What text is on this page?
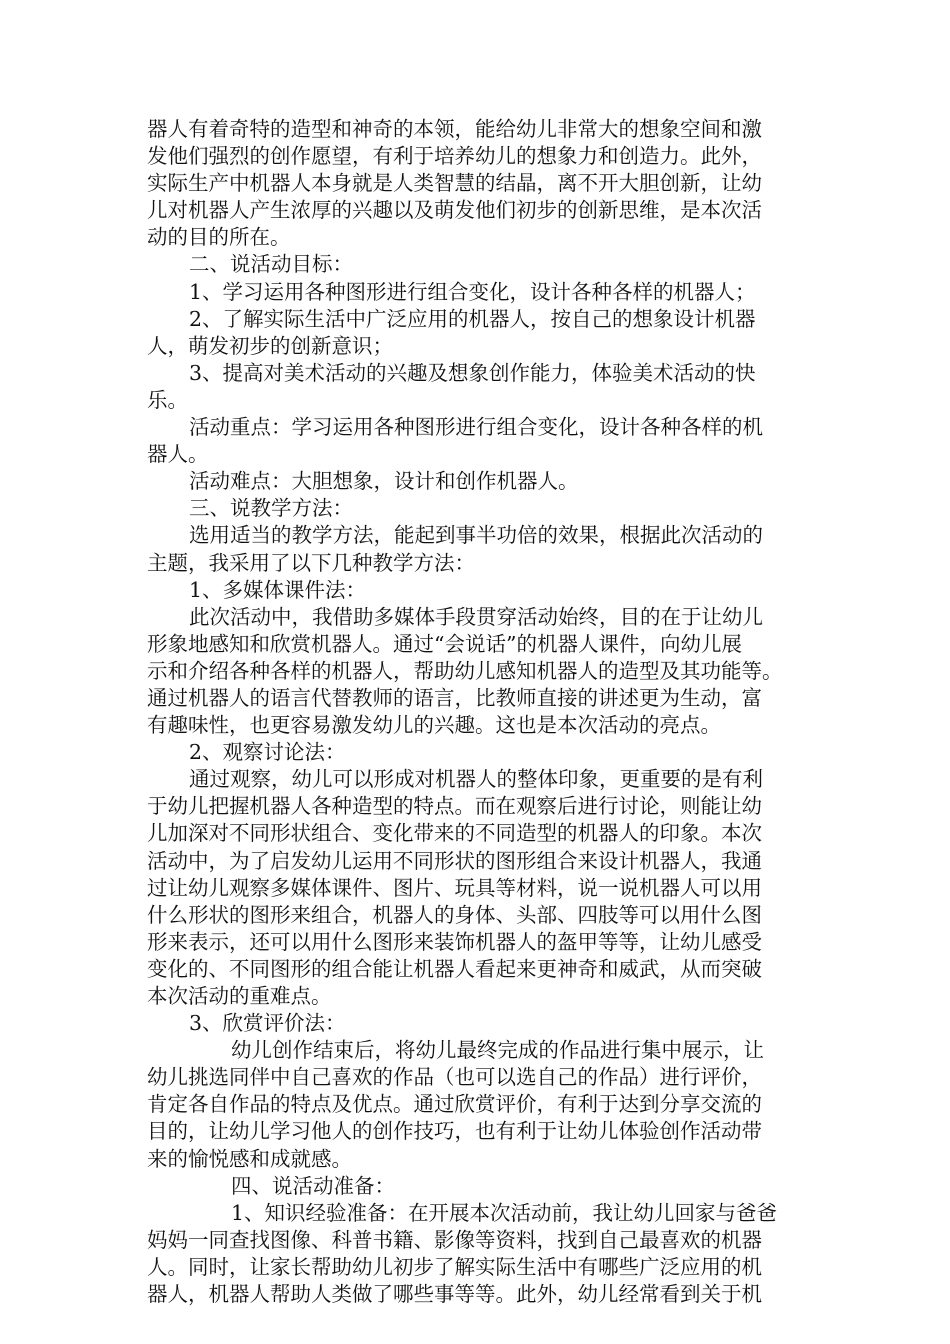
器人有着奇特的造型和神奇的本领，能给幼儿非常大的想象空间和激
发他们强烈的创作愿望，有利于培养幼儿的想象力和创造力。此外，
实际生产中机器人本身就是人类智慧的结晶，离不开大胆创新，让幼
儿对机器人产生浓厚的兴趣以及萌发他们初步的创新思维，是本次活
动的目的所在。
二、说活动目标：
1、学习运用各种图形进行组合变化，设计各种各样的机器人；
2、了解实际生活中广泛应用的机器人，按自己的想象设计机器
人，萌发初步的创新意识；
3、提高对美术活动的兴趣及想象创作能力，体验美术活动的快
乐。
活动重点：学习运用各种图形进行组合变化，设计各种各样的机
器人。
活动难点：大胆想象，设计和创作机器人。
三、说教学方法：
选用适当的教学方法，能起到事半功倍的效果，根据此次活动的
主题，我采用了以下几种教学方法：
1、多媒体课件法：
此次活动中，我借助多媒体手段贯穿活动始终，目的在于让幼儿
形象地感知和欣赏机器人。通过“会说话”的机器人课件，向幼儿展
示和介绍各种各样的机器人，帮助幼儿感知机器人的造型及其功能等。
通过机器人的语言代替教师的语言，比教师直接的讲述更为生动，富
有趣味性，也更容易激发幼儿的兴趣。这也是本次活动的亮点。
2、观察讨论法：
通过观察，幼儿可以形成对机器人的整体印象，更重要的是有利
于幼儿把握机器人各种造型的特点。而在观察后进行讨论，则能让幼
儿加深对不同形状组合、变化带来的不同造型的机器人的印象。本次
活动中，为了启发幼儿运用不同形状的图形组合来设计机器人，我通
过让幼儿观察多媒体课件、图片、玩具等材料，说一说机器人可以用
什么形状的图形来组合，机器人的身体、头部、四肢等可以用什么图
形来表示，还可以用什么图形来装饰机器人的盔甲等等，让幼儿感受
变化的、不同图形的组合能让机器人看起来更神奇和威武，从而突破
本次活动的重难点。
3、欣赏评价法：
幼儿创作结束后，将幼儿最终完成的作品进行集中展示，让
幼儿挑选同伴中自己喜欢的作品（也可以选自己的作品）进行评价，
肯定各自作品的特点及优点。通过欣赏评价，有利于达到分享交流的
目的，让幼儿学习他人的创作技巧，也有利于让幼儿体验创作活动带
来的愉悦感和成就感。
四、说活动准备：
1、知识经验准备：在开展本次活动前，我让幼儿回家与爸爸
妈妈一同查找图像、科普书籍、影像等资料，找到自己最喜欢的机器
人。同时，让家长帮助幼儿初步了解实际生活中有哪些广泛应用的机
器人，机器人帮助人类做了哪些事等等。此外，幼儿经常看到关于机
